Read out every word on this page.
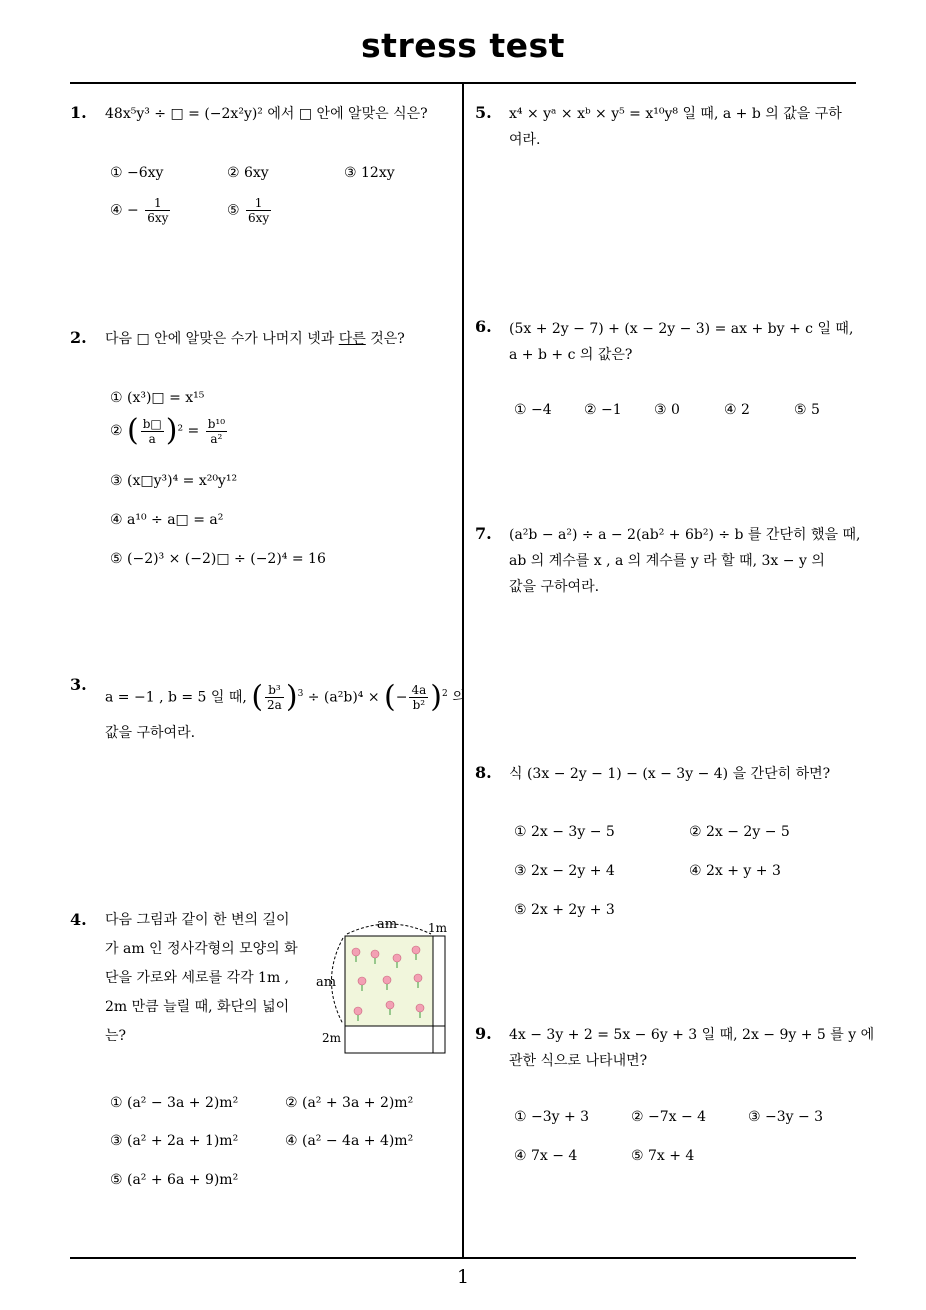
stress test
1
1. 48x⁵y³ ÷ □ = (−2x²y)² 에서 □ 안에 알맞은 식은?
① −6xy	② 6xy	③ 12xy
④ − $\frac{1}{6xy}$	⑤ $\frac{1}{6xy}$
2. 다음 □ 안에 알맞은 수가 나머지 넷과 다른 것은?
① (x³)□ = x¹⁵
② ( $\frac{b□}{a} )^2 = \frac{\text{b¹⁰}}{\text{a²}}$
③ (x□y³)⁴ = x²⁰y¹²
④ a¹⁰ ÷ a□ = a²
⑤ (−2)³ × (−2)□ ÷ (−2)⁴ = 16
3.
a = −1 , b = 5 일 때, ( $\frac{\text{b³}}{2a} )^3 \div (a^2b)^4$ × (− $\frac{4a}{\text{b²}} )^2$ 의
값을 구하여라.
4. 다음 그림과 같이 한 변의 길이가 am 인 정사각형의 모양의 화단을 가로와 세로를 각각 1m , 2m 만큼 늘릴 때, 화단의 넓이는?
am	1m
am
2m
① (a² − 3a + 2)m²	② (a² + 3a + 2)m²
③ (a² + 2a + 1)m²	④ (a² − 4a + 4)m²
⑤ (a² + 6a + 9)m²
5. x⁴ × yᵃ × xᵇ × y⁵ = x¹⁰y⁸ 일 때, a + b 의 값을 구하
여라.
6. (5x + 2y − 7) + (x − 2y − 3) = ax + by + c 일 때,
a + b + c 의 값은?
① −4 ② −1 ③ 0	④ 2	⑤ 5
7. (a²b − a²) ÷ a − 2(ab² + 6b²) ÷ b 를 간단히 했을 때,
ab 의 계수를 x , a 의 계수를 y 라 할 때, 3x − y 의
값을 구하여라.
8. 식 (3x − 2y − 1) − (x − 3y − 4) 을 간단히 하면?
① 2x − 3y − 5	② 2x − 2y − 5
③ 2x − 2y + 4	④ 2x + y + 3
⑤ 2x + 2y + 3
9. 4x − 3y + 2 = 5x − 6y + 3 일 때, 2x − 9y + 5 를 y 에
관한 식으로 나타내면?
① −3y + 3	② −7x − 4	③ −3y − 3
④ 7x − 4	⑤ 7x + 4
